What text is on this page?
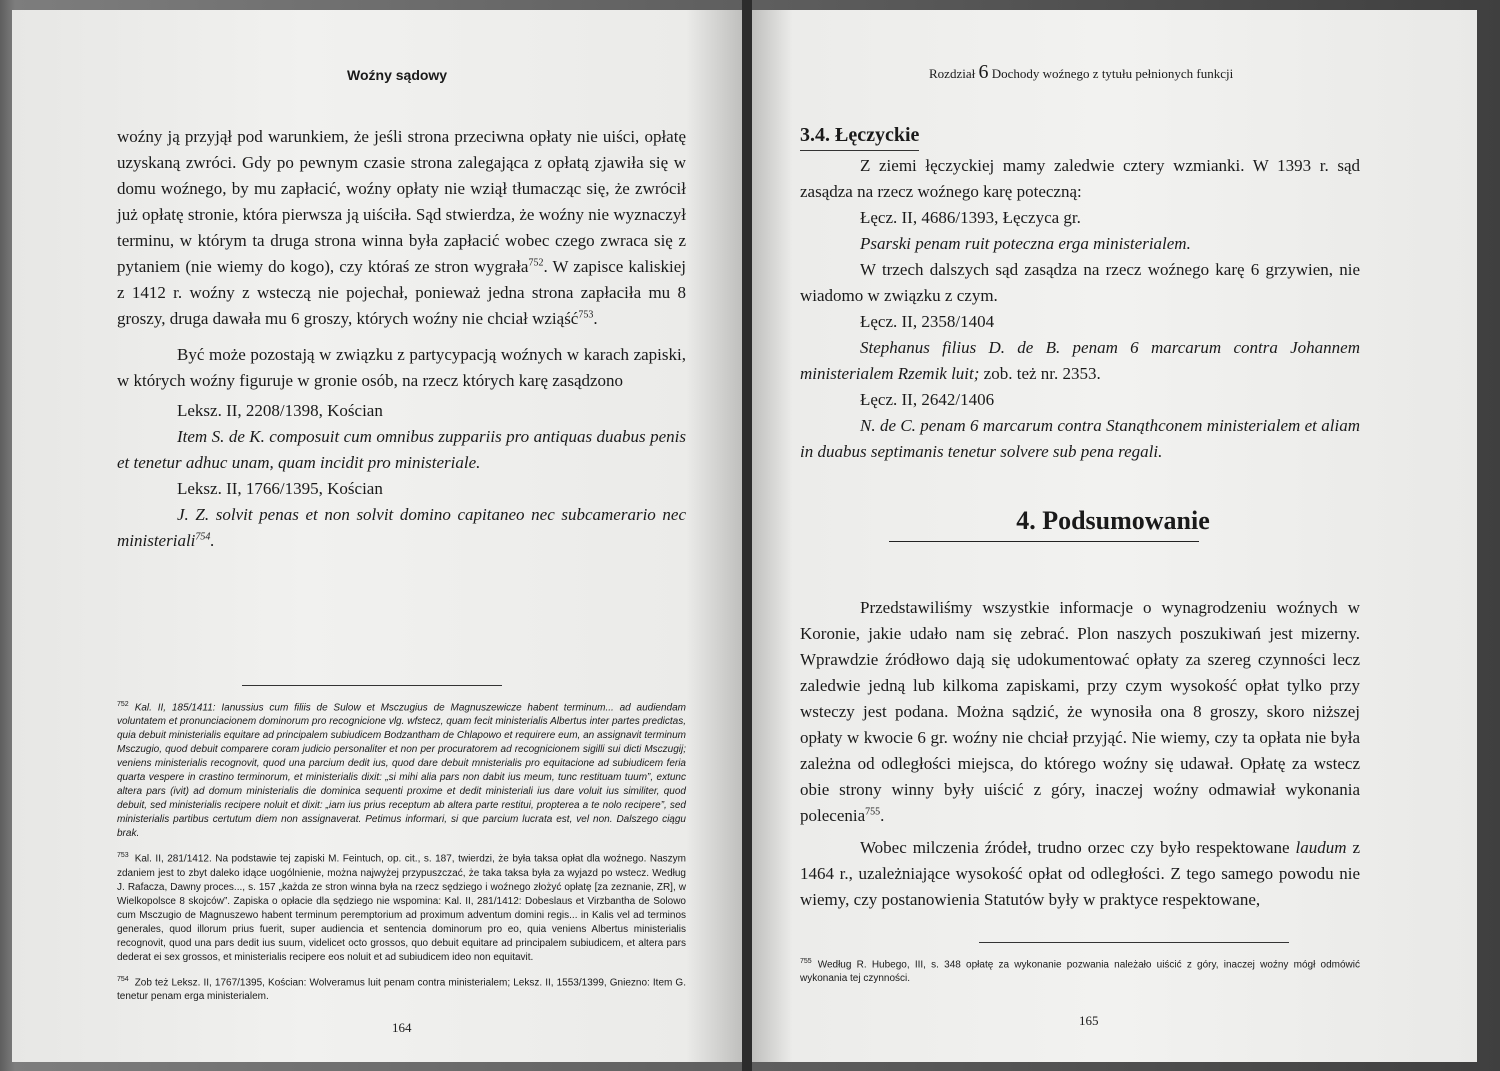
Woźny sądowy

woźny ją przyjął pod warunkiem, że jeśli strona przeciwna opłaty nie uiści, opłatę uzyskaną zwróci. Gdy po pewnym czasie strona zalegająca z opłatą zjawiła się w domu woźnego, by mu zapłacić, woźny opłaty nie wziął tłumacząc się, że zwrócił już opłatę stronie, która pierwsza ją uiściła. Sąd stwierdza, że woźny nie wyznaczył terminu, w którym ta druga strona winna była zapłacić wobec czego zwraca się z pytaniem (nie wiemy do kogo), czy któraś ze stron wygrała$^{752}$. W zapisce kaliskiej z 1412 r. woźny z wsteczą nie pojechał, ponieważ jedna strona zapłaciła mu 8 groszy, druga dawała mu 6 groszy, których woźny nie chciał wziąść$^{753}$.

Być może pozostają w związku z partycypacją woźnych w karach zapiski, w których woźny figuruje w gronie osób, na rzecz których karę zasądzono

Leksz. II, 2208/1398, Kościan

Item S. de K. composuit cum omnibus zuppariis pro antiquas duabus penis et tenetur adhuc unam, quam incidit pro ministeriale.

Leksz. II, 1766/1395, Kościan

J. Z. solvit penas et non solvit domino capitaneo nec subcamerario nec ministeriali$^{754}$.

$^{752}$ Kal. II, 185/1411: Ianussius cum filiis de Sulow et Msczugius de Magnuszewicze habent terminum... ad audiendam voluntatem et pronunciacionem dominorum pro recognicione vlg. wfstecz, quam fecit ministerialis Albertus inter partes predictas, quia debuit ministerialis equitare ad principalem subiudicem Bodzantham de Chlapowo et requirere eum, an assignavit terminum Msczugio, quod debuit comparere coram judicio personaliter et non per procuratorem ad recognicionem sigilli sui dicti Msczugij; veniens ministerialis recognovit, quod una parcium dedit ius, quod dare debuit mnisterialis pro equitacione ad subiudicem feria quarta vespere in crastino terminorum, et ministerialis dixit: „si mihi alia pars non dabit ius meum, tunc restituam tuum”, extunc altera pars (ivit) ad domum ministerialis die dominica sequenti proxime et dedit ministeriali ius dare voluit ius similiter, quod debuit, sed ministerialis recipere noluit et dixit: „iam ius prius receptum ab altera parte restitui, propterea a te nolo recipere”, sed ministerialis partibus certutum diem non assignaverat. Petimus informari, si que parcium lucrata est, vel non. Dalszego ciągu brak.

$^{753}$ Kal. II, 281/1412. Na podstawie tej zapiski M. Feintuch, op. cit., s. 187, twierdzi, że była taksa opłat dla woźnego. Naszym zdaniem jest to zbyt daleko idące uogólnienie, można najwyżej przypuszczać, że taka taksa była za wyjazd po wstecz. Według J. Rafacza, Dawny proces..., s. 157 „każda ze stron winna była na rzecz sędziego i woźnego złożyć opłatę [za zeznanie, ZR], w Wielkopolsce 8 skojców”. Zapiska o opłacie dla sędziego nie wspomina: Kal. II, 281/1412: Dobeslaus et Virzbantha de Solowo cum Msczugio de Magnuszewo habent terminum peremptorium ad proximum adventum domini regis... in Kalis vel ad terminos generales, quod illorum prius fuerit, super audiencia et sentencia dominorum pro eo, quia veniens Albertus ministerialis recognovit, quod una pars dedit ius suum, videlicet octo grossos, quo debuit equitare ad principalem subiudicem, et altera pars dederat ei sex grossos, et ministerialis recipere eos noluit et ad subiudicem ideo non equitavit.

$^{754}$ Zob też Leksz. II, 1767/1395, Kościan: Wolveramus luit penam contra ministerialem; Leksz. II, 1553/1399, Gniezno: Item G. tenetur penam erga ministerialem.

164
Rozdział 6 Dochody woźnego z tytułu pełnionych funkcji
3.4. Łęczyckie

Z ziemi łęczyckiej mamy zaledwie cztery wzmianki. W 1393 r. sąd zasądza na rzecz woźnego karę poteczną:

Łęcz. II, 4686/1393, Łęczyca gr.

Psarski penam ruit poteczna erga ministerialem.

W trzech dalszych sąd zasądza na rzecz woźnego karę 6 grzywien, nie wiadomo w związku z czym.

Łęcz. II, 2358/1404

Stephanus filius D. de B. penam 6 marcarum contra Johannem ministerialem Rzemik luit; zob. też nr. 2353.

Łęcz. II, 2642/1406

N. de C. penam 6 marcarum contra Stanąthconem ministerialem et aliam in duabus septimanis tenetur solvere sub pena regali.

4. Podsumowanie

Przedstawiliśmy wszystkie informacje o wynagrodzeniu woźnych w Koronie, jakie udało nam się zebrać. Plon naszych poszukiwań jest mizerny. Wprawdzie źródłowo dają się udokumentować opłaty za szereg czynności lecz zaledwie jedną lub kilkoma zapiskami, przy czym wysokość opłat tylko przy wsteczy jest podana. Można sądzić, że wynosiła ona 8 groszy, skoro niższej opłaty w kwocie 6 gr. woźny nie chciał przyjąć. Nie wiemy, czy ta opłata nie była zależna od odległości miejsca, do którego woźny się udawał. Opłatę za wstecz obie strony winny były uiścić z góry, inaczej woźny odmawiał wykonania polecenia$^{755}$.

Wobec milczenia źródeł, trudno orzec czy było respektowane laudum z 1464 r., uzależniające wysokość opłat od odległości. Z tego samego powodu nie wiemy, czy postanowienia Statutów były w praktyce respektowane,

$^{755}$ Według R. Hubego, III, s. 348 opłatę za wykonanie pozwania należało uiścić z góry, inaczej woźny mógł odmówić wykonania tej czynności.

165
